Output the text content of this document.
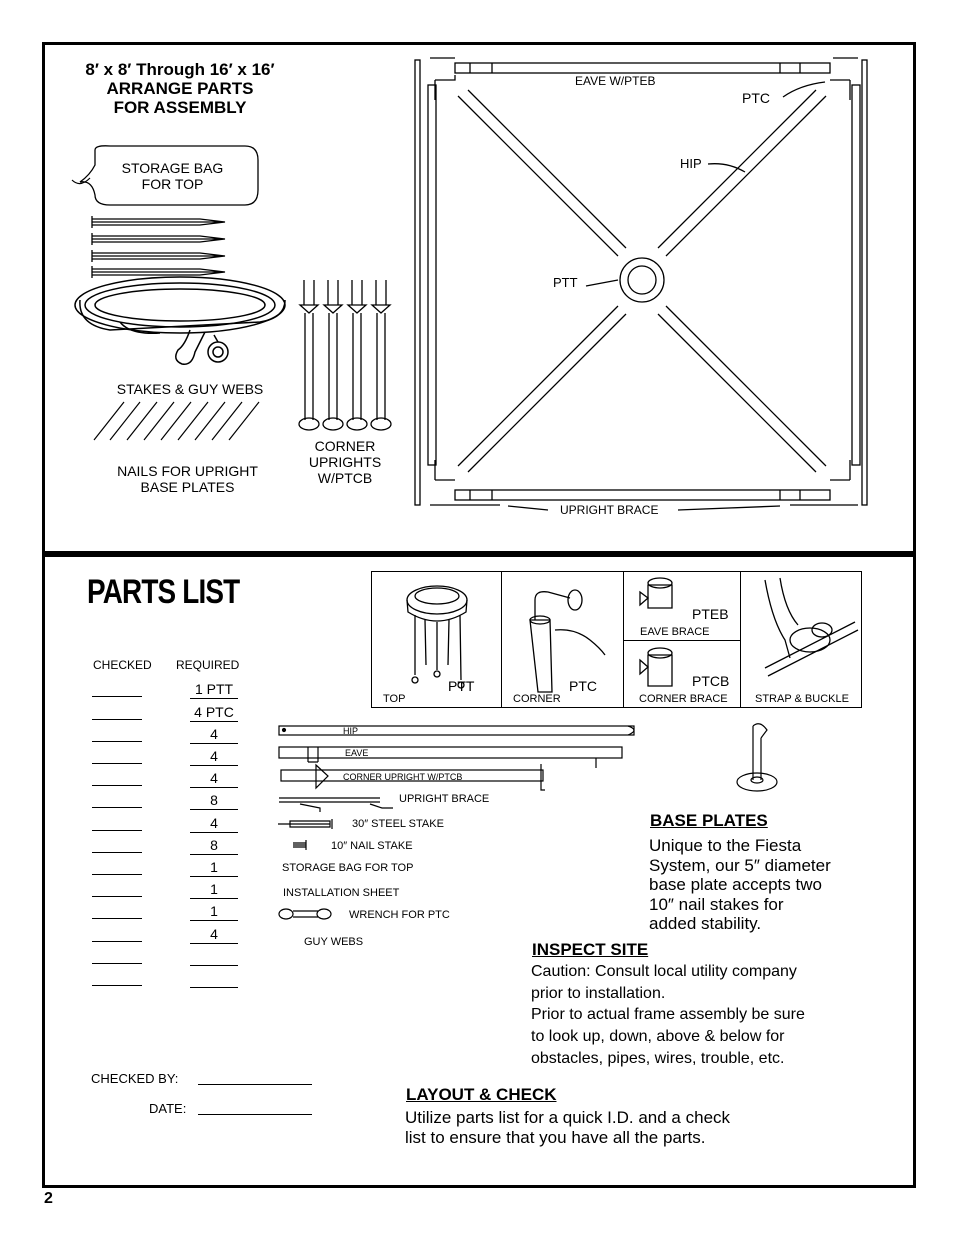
8′ x 8′ Through 16′ x 16′
ARRANGE PARTS
FOR ASSEMBLY
STORAGE BAG
FOR TOP
STAKES & GUY WEBS
NAILS FOR UPRIGHT
BASE PLATES
CORNER
UPRIGHTS
W/PTCB
EAVE W/PTEB
PTC
HIP
PTT
UPRIGHT BRACE
PARTS LIST
CHECKED REQUIRED
1 PTT
4 PTC
4
4
4
8
4
8
1
1
1
4
TOP
PTT
CORNER
PTC
PTEB
EAVE BRACE
PTCB
CORNER BRACE STRAP & BUCKLE
HIP
EAVE
CORNER UPRIGHT W/PTCB
UPRIGHT BRACE
30″ STEEL STAKE
10″ NAIL STAKE
STORAGE BAG FOR TOP
INSTALLATION SHEET
WRENCH FOR PTC
GUY WEBS
BASE PLATES
Unique to the Fiesta
System, our 5″ diameter
base plate accepts two
10″ nail stakes for
added stability.
INSPECT SITE
Caution: Consult local utility company
prior to installation.
Prior to actual frame assembly be sure
to look up, down, above & below for
obstacles, pipes, wires, trouble, etc.
CHECKED BY:
DATE:
LAYOUT & CHECK
Utilize parts list for a quick I.D. and a check
list to ensure that you have all the parts.
2
